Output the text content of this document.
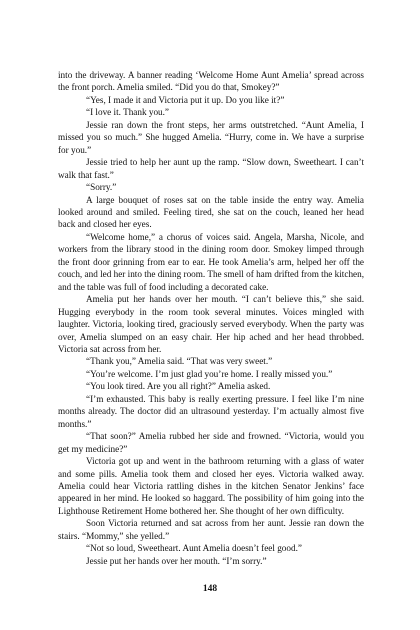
into the driveway. A banner reading ‘Welcome Home Aunt Amelia’ spread across the front porch. Amelia smiled. “Did you do that, Smokey?”

“Yes, I made it and Victoria put it up. Do you like it?”

“I love it. Thank you.”

Jessie ran down the front steps, her arms outstretched. “Aunt Amelia, I missed you so much.” She hugged Amelia. “Hurry, come in. We have a surprise for you.”

Jessie tried to help her aunt up the ramp. “Slow down, Sweetheart. I can’t walk that fast.”

“Sorry.”

A large bouquet of roses sat on the table inside the entry way. Amelia looked around and smiled. Feeling tired, she sat on the couch, leaned her head back and closed her eyes.

“Welcome home,” a chorus of voices said. Angela, Marsha, Nicole, and workers from the library stood in the dining room door. Smokey limped through the front door grinning from ear to ear. He took Amelia’s arm, helped her off the couch, and led her into the dining room. The smell of ham drifted from the kitchen, and the table was full of food including a decorated cake.

Amelia put her hands over her mouth. “I can’t believe this,” she said. Hugging everybody in the room took several minutes. Voices mingled with laughter. Victoria, looking tired, graciously served everybody. When the party was over, Amelia slumped on an easy chair. Her hip ached and her head throbbed. Victoria sat across from her.

“Thank you,” Amelia said. “That was very sweet.”

“You’re welcome. I’m just glad you’re home. I really missed you.”

“You look tired. Are you all right?” Amelia asked.

“I’m exhausted. This baby is really exerting pressure. I feel like I’m nine months already. The doctor did an ultrasound yesterday. I’m actually almost five months.”

“That soon?” Amelia rubbed her side and frowned. “Victoria, would you get my medicine?”

Victoria got up and went in the bathroom returning with a glass of water and some pills. Amelia took them and closed her eyes. Victoria walked away. Amelia could hear Victoria rattling dishes in the kitchen Senator Jenkins’ face appeared in her mind. He looked so haggard. The possibility of him going into the Lighthouse Retirement Home bothered her. She thought of her own difficulty.

Soon Victoria returned and sat across from her aunt. Jessie ran down the stairs. “Mommy,” she yelled.”

“Not so loud, Sweetheart. Aunt Amelia doesn’t feel good.”

Jessie put her hands over her mouth. “I’m sorry.”

148
